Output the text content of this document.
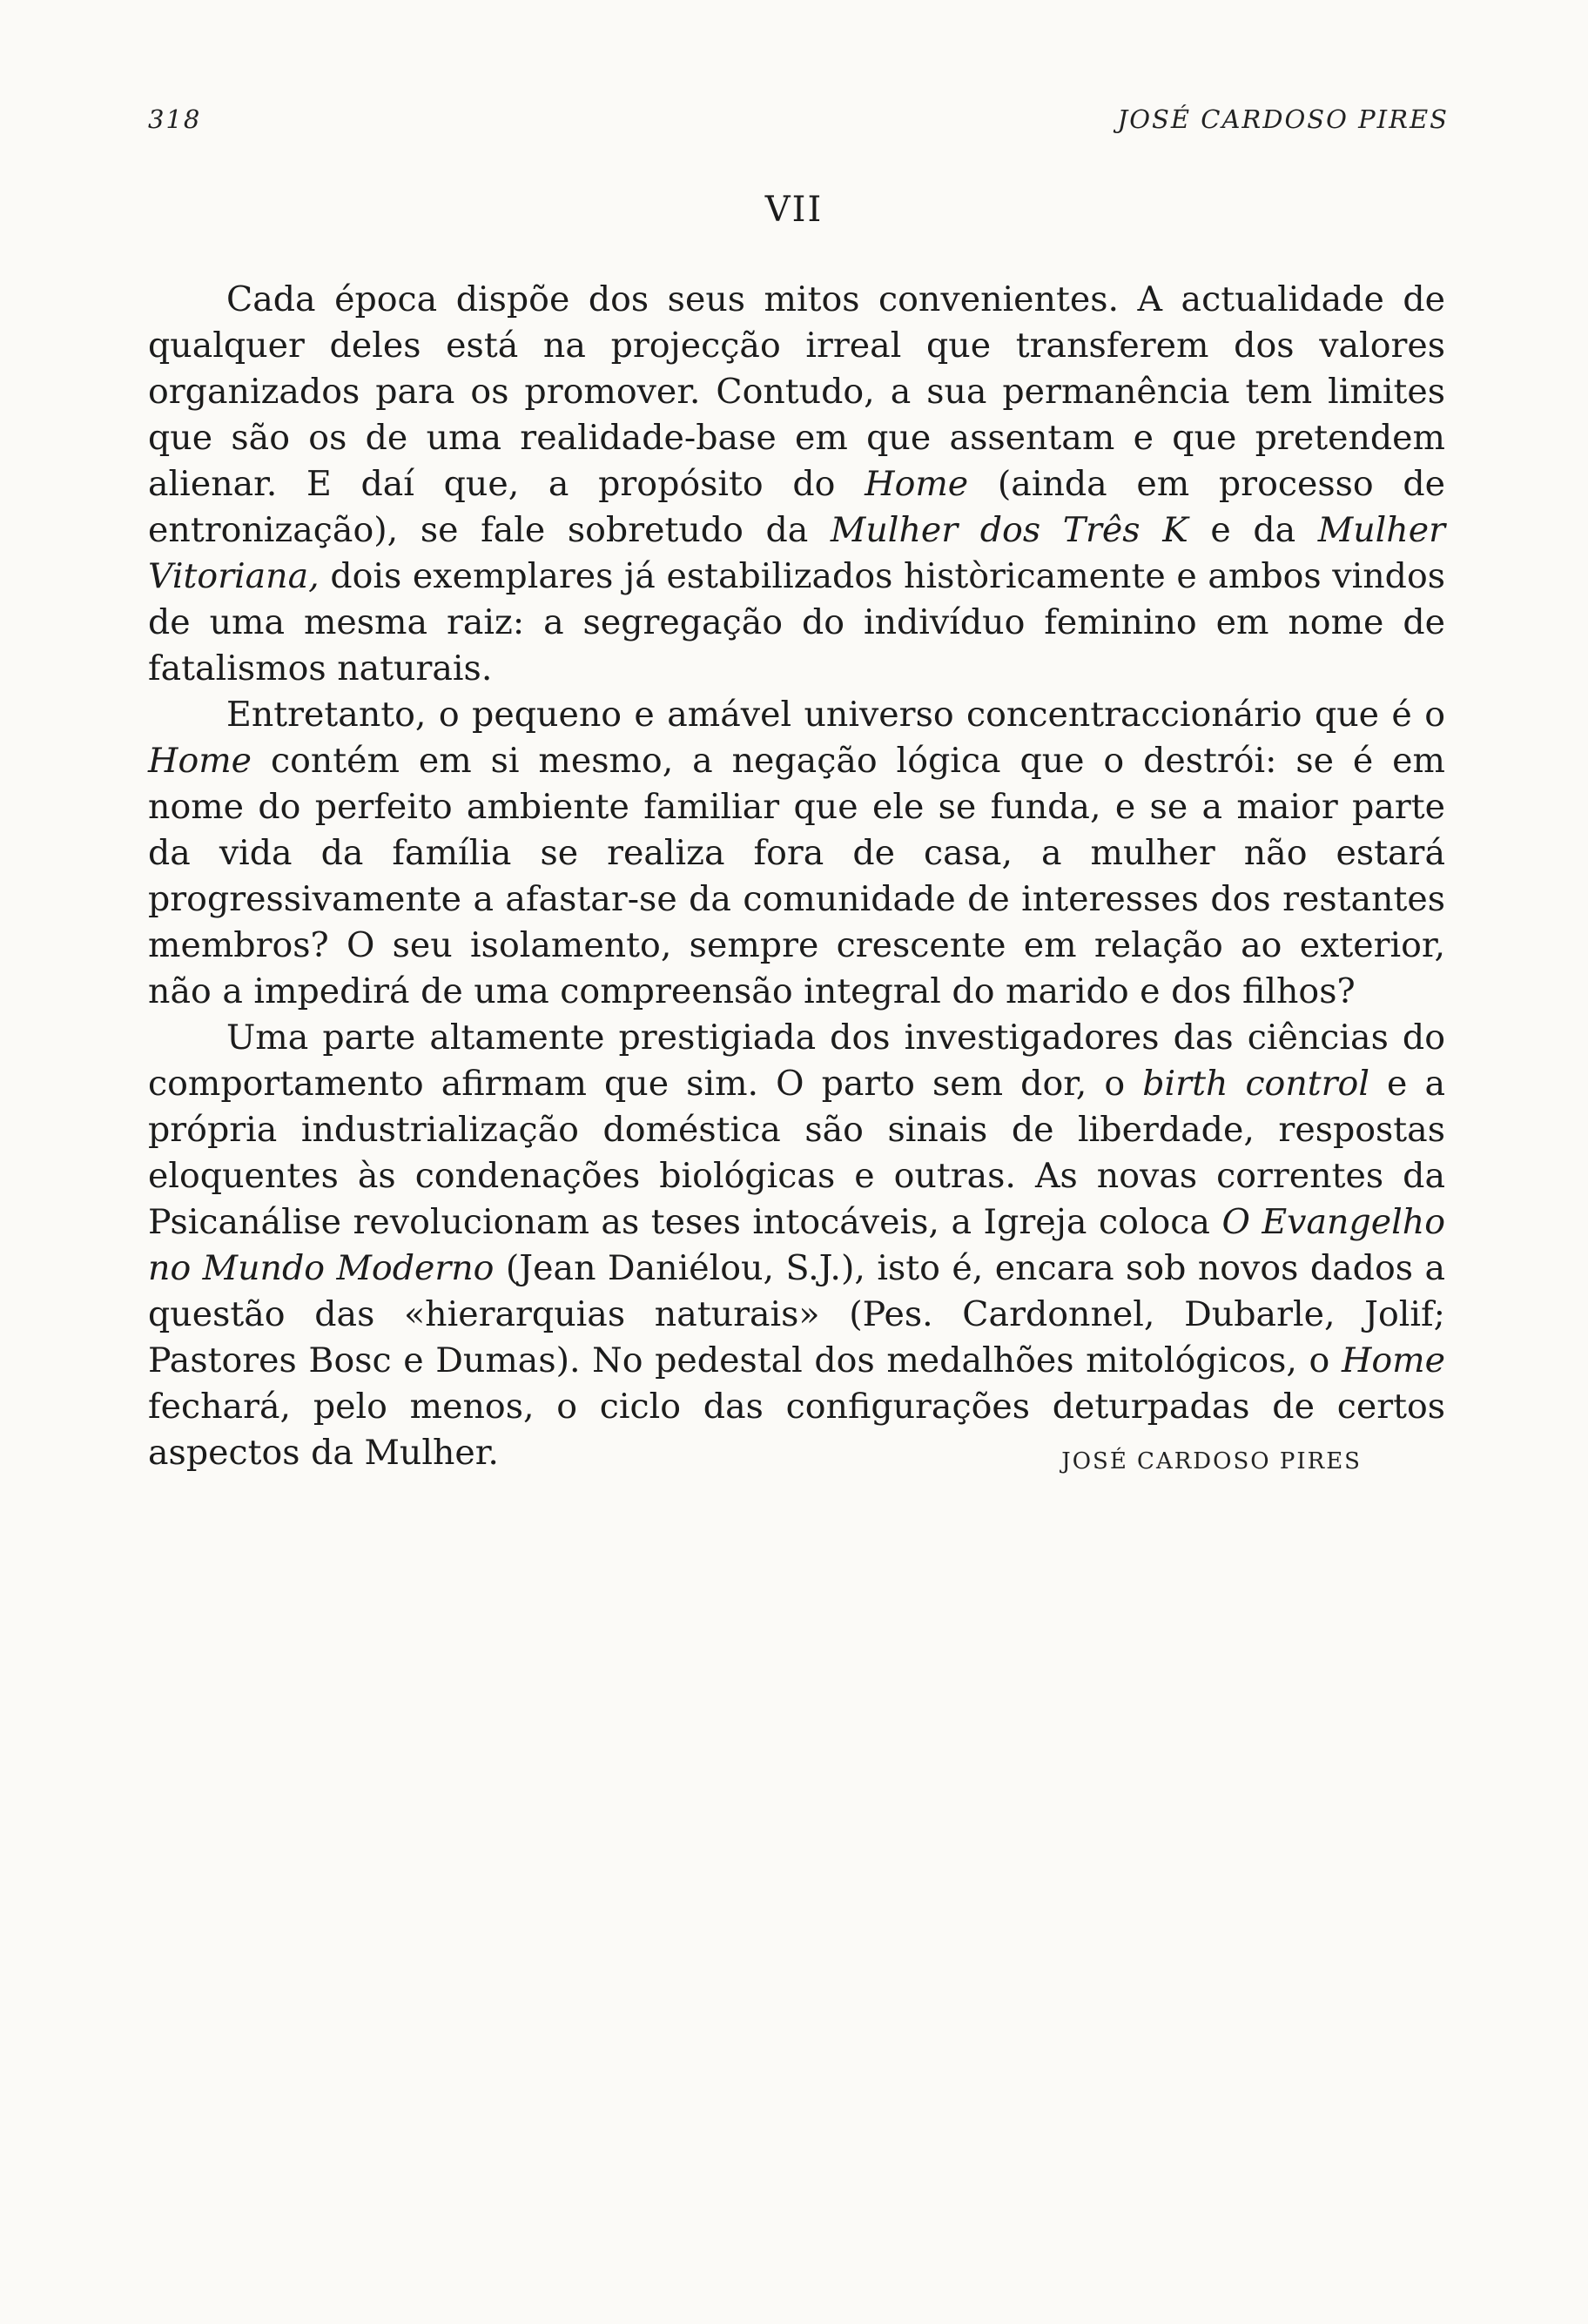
318	JOSÉ CARDOSO PIRES
VII

Cada época dispõe dos seus mitos convenientes. A actualidade de qualquer deles está na projecção irreal que transferem dos valores organizados para os promover. Contudo, a sua permanência tem limites que são os de uma realidade-base em que assentam e que pretendem alienar. E daí que, a propósito do Home (ainda em processo de entronização), se fale sobretudo da Mulher dos Três K e da Mulher Vitoriana, dois exemplares já estabilizados històricamente e ambos vindos de uma mesma raiz: a segregação do indivíduo feminino em nome de fatalismos naturais.

Entretanto, o pequeno e amável universo concentraccionário que é o Home contém em si mesmo, a negação lógica que o destrói: se é em nome do perfeito ambiente familiar que ele se funda, e se a maior parte da vida da família se realiza fora de casa, a mulher não estará progressivamente a afastar-se da comunidade de interesses dos restantes membros? O seu isolamento, sempre crescente em relação ao exterior, não a impedirá de uma compreensão integral do marido e dos filhos?

Uma parte altamente prestigiada dos investigadores das ciências do comportamento afirmam que sim. O parto sem dor, o birth control e a própria industrialização doméstica são sinais de liberdade, respostas eloquentes às condenações biológicas e outras. As novas correntes da Psicanálise revolucionam as teses intocáveis, a Igreja coloca O Evangelho no Mundo Moderno (Jean Daniélou, S.J.), isto é, encara sob novos dados a questão das «hierarquias naturais» (Pes. Cardonnel, Dubarle, Jolif; Pastores Bosc e Dumas). No pedestal dos medalhões mitológicos, o Home fechará, pelo menos, o ciclo das configurações deturpadas de certos aspectos da Mulher.	JOSÉ CARDOSO PIRES
